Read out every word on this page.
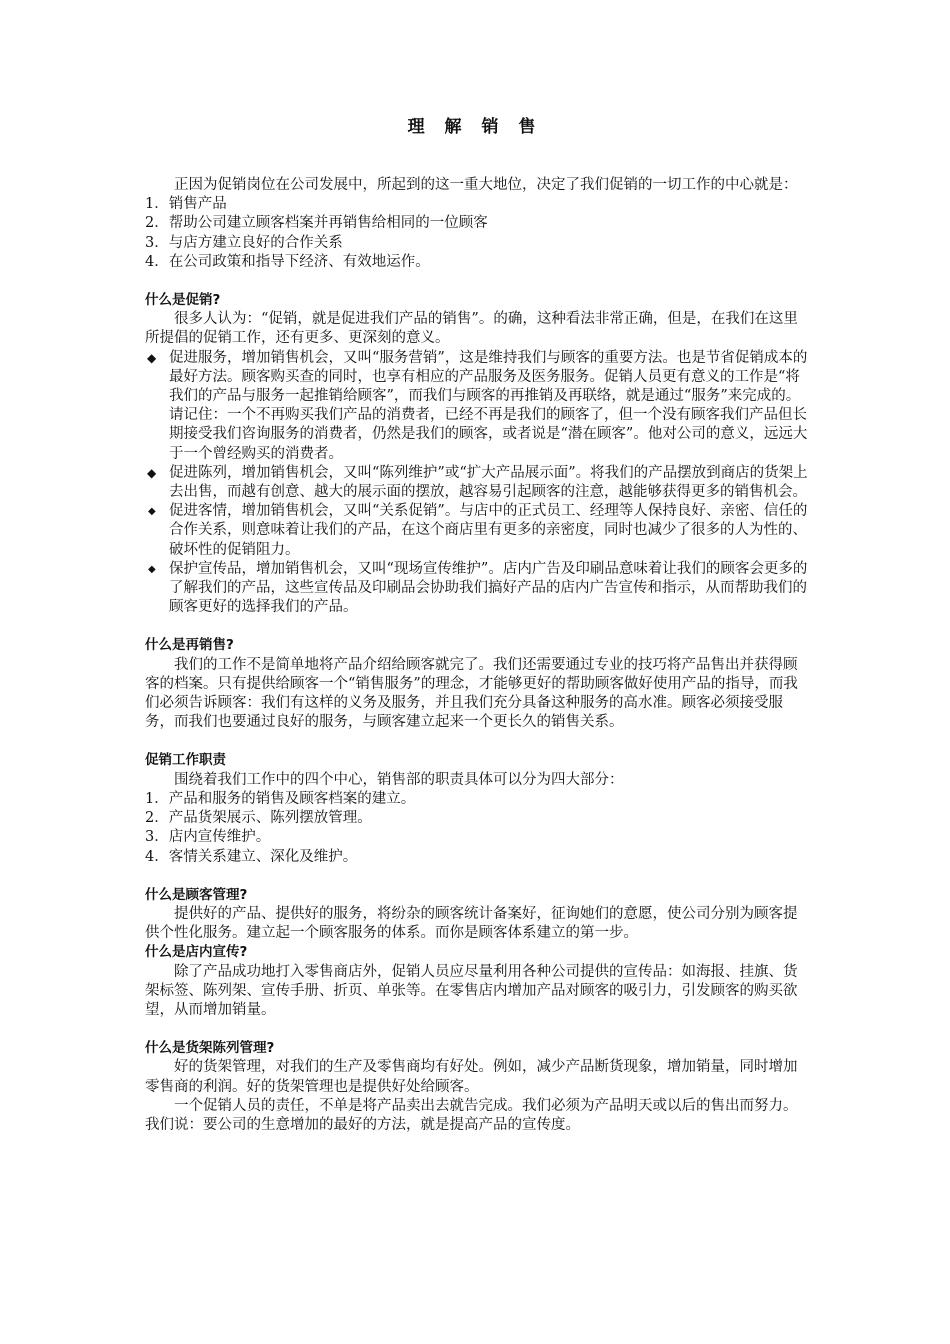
理 解 销 售

正因为促销岗位在公司发展中，所起到的这一重大地位，决定了我们促销的一切工作的中心就是：

1．销售产品

2．帮助公司建立顾客档案并再销售给相同的一位顾客

3．与店方建立良好的合作关系

4．在公司政策和指导下经济、有效地运作。

什么是促销?

很多人认为：“促销，就是促进我们产品的销售”。的确，这种看法非常正确，但是，在我们在这里所提倡的促销工作，还有更多、更深刻的意义。

◆ 促进服务，增加销售机会，又叫“服务营销”，这是维持我们与顾客的重要方法。也是节省促销成本的最好方法。顾客购买查的同时，也享有相应的产品服务及医务服务。促销人员更有意义的工作是“将我们的产品与服务一起推销给顾客”，而我们与顾客的再推销及再联络，就是通过“服务”来完成的。请记住：一个不再购买我们产品的消费者，已经不再是我们的顾客了，但一个没有顾客我们产品但长期接受我们咨询服务的消费者，仍然是我们的顾客，或者说是“潜在顾客”。他对公司的意义，远远大于一个曾经购买的消费者。
◆ 促进陈列，增加销售机会，又叫“陈列维护”或“扩大产品展示面”。将我们的产品摆放到商店的货架上去出售，而越有创意、越大的展示面的摆放，越容易引起顾客的注意，越能够获得更多的销售机会。
◆ 促进客情，增加销售机会，又叫“关系促销”。与店中的正式员工、经理等人保持良好、亲密、信任的合作关系，则意味着让我们的产品，在这个商店里有更多的亲密度，同时也减少了很多的人为性的、破坏性的促销阻力。
◆ 保护宣传品，增加销售机会，又叫“现场宣传维护”。店内广告及印刷品意味着让我们的顾客会更多的了解我们的产品，这些宣传品及印刷品会协助我们搞好产品的店内广告宣传和指示，从而帮助我们的顾客更好的选择我们的产品。

什么是再销售?

我们的工作不是简单地将产品介绍给顾客就完了。我们还需要通过专业的技巧将产品售出并获得顾客的档案。只有提供给顾客一个“销售服务”的理念，才能够更好的帮助顾客做好使用产品的指导，而我们必须告诉顾客：我们有这样的义务及服务，并且我们充分具备这种服务的高水准。顾客必须接受服务，而我们也要通过良好的服务，与顾客建立起来一个更长久的销售关系。

促销工作职责

围绕着我们工作中的四个中心，销售部的职责具体可以分为四大部分：

1．产品和服务的销售及顾客档案的建立。

2．产品货架展示、陈列摆放管理。

3．店内宣传维护。

4．客情关系建立、深化及维护。

什么是顾客管理?

提供好的产品、提供好的服务，将纷杂的顾客统计备案好，征询她们的意愿，使公司分别为顾客提供个性化服务。建立起一个顾客服务的体系。而你是顾客体系建立的第一步。

什么是店内宣传?

除了产品成功地打入零售商店外，促销人员应尽量利用各种公司提供的宣传品：如海报、挂旗、货架标签、陈列架、宣传手册、折页、单张等。在零售店内增加产品对顾客的吸引力，引发顾客的购买欲望，从而增加销量。

什么是货架陈列管理?

好的货架管理，对我们的生产及零售商均有好处。例如，减少产品断货现象，增加销量，同时增加零售商的利润。好的货架管理也是提供好处给顾客。

一个促销人员的责任，不单是将产品卖出去就告完成。我们必须为产品明天或以后的售出而努力。我们说：要公司的生意增加的最好的方法，就是提高产品的宣传度。
